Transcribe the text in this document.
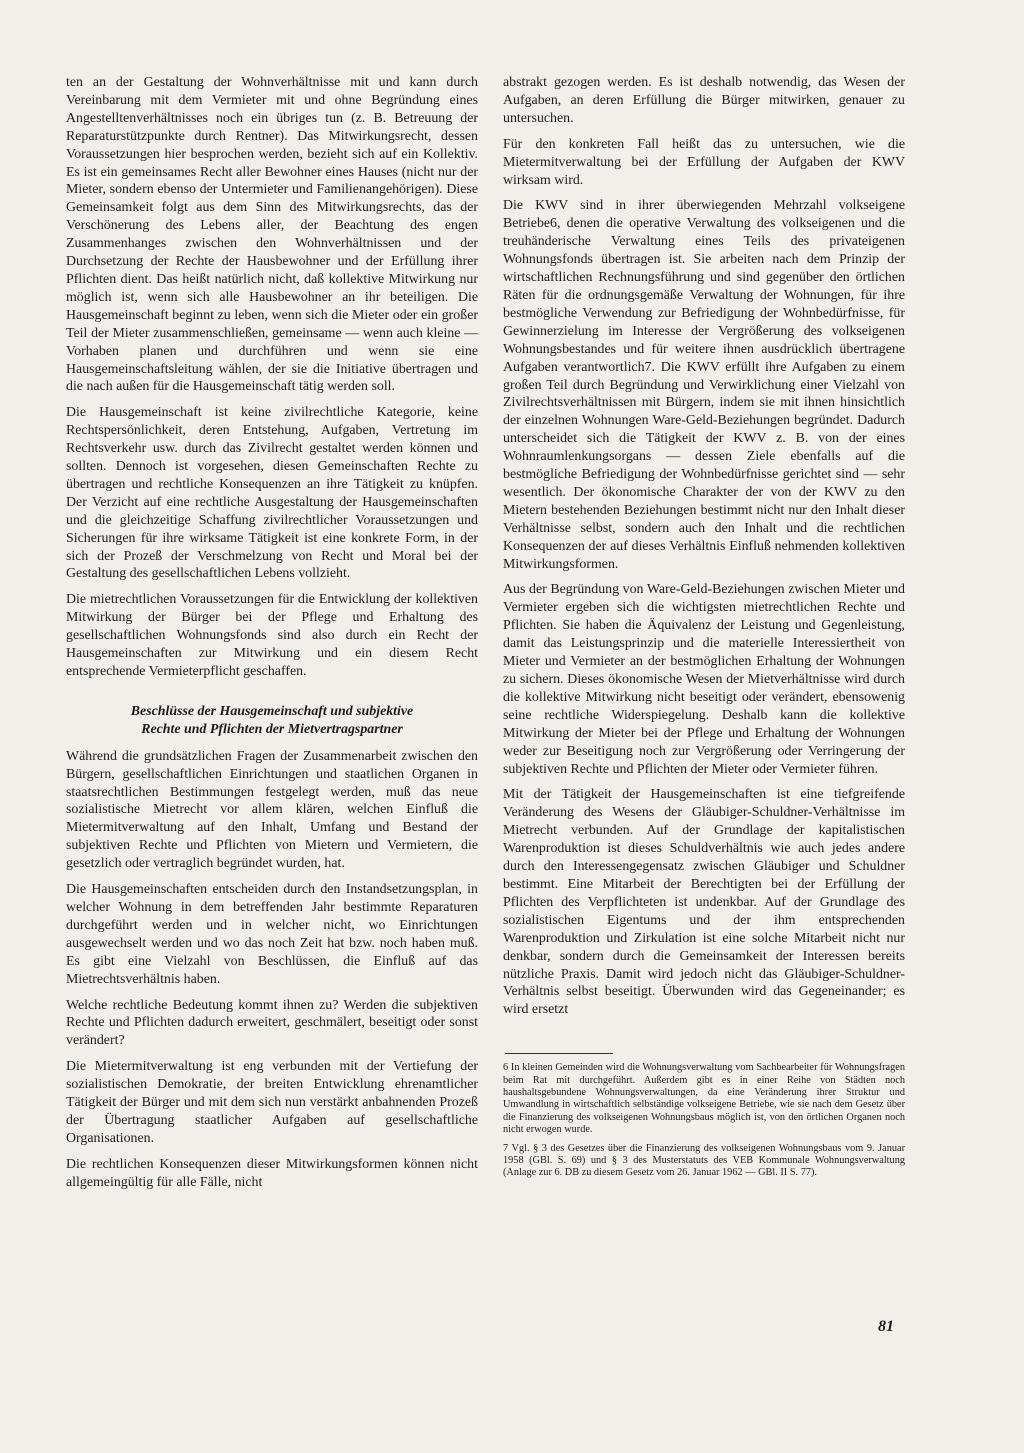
ten an der Gestaltung der Wohnverhältnisse mit und kann durch Vereinbarung mit dem Vermieter mit und ohne Begründung eines Angestelltenverhältnisses noch ein übriges tun (z. B. Betreuung der Reparaturstützpunkte durch Rentner). Das Mitwirkungsrecht, dessen Voraussetzungen hier besprochen werden, bezieht sich auf ein Kollektiv. Es ist ein gemeinsames Recht aller Bewohner eines Hauses (nicht nur der Mieter, sondern ebenso der Untermieter und Familienangehörigen). Diese Gemeinsamkeit folgt aus dem Sinn des Mitwirkungsrechts, das der Verschönerung des Lebens aller, der Beachtung des engen Zusammenhanges zwischen den Wohnverhältnissen und der Durchsetzung der Rechte der Hausbewohner und der Erfüllung ihrer Pflichten dient. Das heißt natürlich nicht, daß kollektive Mitwirkung nur möglich ist, wenn sich alle Hausbewohner an ihr beteiligen. Die Hausgemeinschaft beginnt zu leben, wenn sich die Mieter oder ein großer Teil der Mieter zusammenschließen, gemeinsame — wenn auch kleine — Vorhaben planen und durchführen und wenn sie eine Hausgemeinschaftsleitung wählen, der sie die Initiative übertragen und die nach außen für die Hausgemeinschaft tätig werden soll.

Die Hausgemeinschaft ist keine zivilrechtliche Kategorie, keine Rechtspersönlichkeit, deren Entstehung, Aufgaben, Vertretung im Rechtsverkehr usw. durch das Zivilrecht gestaltet werden können und sollten. Dennoch ist vorgesehen, diesen Gemeinschaften Rechte zu übertragen und rechtliche Konsequenzen an ihre Tätigkeit zu knüpfen. Der Verzicht auf eine rechtliche Ausgestaltung der Hausgemeinschaften und die gleichzeitige Schaffung zivilrechtlicher Voraussetzungen und Sicherungen für ihre wirksame Tätigkeit ist eine konkrete Form, in der sich der Prozeß der Verschmelzung von Recht und Moral bei der Gestaltung des gesellschaftlichen Lebens vollzieht.

Die mietrechtlichen Voraussetzungen für die Entwicklung der kollektiven Mitwirkung der Bürger bei der Pflege und Erhaltung des gesellschaftlichen Wohnungsfonds sind also durch ein Recht der Hausgemeinschaften zur Mitwirkung und ein diesem Recht entsprechende Vermieterpflicht geschaffen.

Beschlüsse der Hausgemeinschaft und subjektive
Rechte und Pflichten der Mietvertragspartner

Während die grundsätzlichen Fragen der Zusammenarbeit zwischen den Bürgern, gesellschaftlichen Einrichtungen und staatlichen Organen in staatsrechtlichen Bestimmungen festgelegt werden, muß das neue sozialistische Mietrecht vor allem klären, welchen Einfluß die Mietermitverwaltung auf den Inhalt, Umfang und Bestand der subjektiven Rechte und Pflichten von Mietern und Vermietern, die gesetzlich oder vertraglich begründet wurden, hat.

Die Hausgemeinschaften entscheiden durch den Instandsetzungsplan, in welcher Wohnung in dem betreffenden Jahr bestimmte Reparaturen durchgeführt werden und in welcher nicht, wo Einrichtungen ausgewechselt werden und wo das noch Zeit hat bzw. noch haben muß. Es gibt eine Vielzahl von Beschlüssen, die Einfluß auf das Mietrechtsverhältnis haben.

Welche rechtliche Bedeutung kommt ihnen zu? Werden die subjektiven Rechte und Pflichten dadurch erweitert, geschmälert, beseitigt oder sonst verändert?

Die Mietermitverwaltung ist eng verbunden mit der Vertiefung der sozialistischen Demokratie, der breiten Entwicklung ehrenamtlicher Tätigkeit der Bürger und mit dem sich nun verstärkt anbahnenden Prozeß der Übertragung staatlicher Aufgaben auf gesellschaftliche Organisationen.

Die rechtlichen Konsequenzen dieser Mitwirkungsformen können nicht allgemeingültig für alle Fälle, nicht

abstrakt gezogen werden. Es ist deshalb notwendig, das Wesen der Aufgaben, an deren Erfüllung die Bürger mitwirken, genauer zu untersuchen.

Für den konkreten Fall heißt das zu untersuchen, wie die Mietermitverwaltung bei der Erfüllung der Aufgaben der KWV wirksam wird.

Die KWV sind in ihrer überwiegenden Mehrzahl volkseigene Betriebe6, denen die operative Verwaltung des volkseigenen und die treuhänderische Verwaltung eines Teils des privateigenen Wohnungsfonds übertragen ist. Sie arbeiten nach dem Prinzip der wirtschaftlichen Rechnungsführung und sind gegenüber den örtlichen Räten für die ordnungsgemäße Verwaltung der Wohnungen, für ihre bestmögliche Verwendung zur Befriedigung der Wohnbedürfnisse, für Gewinnerzielung im Interesse der Vergrößerung des volkseigenen Wohnungsbestandes und für weitere ihnen ausdrücklich übertragene Aufgaben verantwortlich7. Die KWV erfüllt ihre Aufgaben zu einem großen Teil durch Begründung und Verwirklichung einer Vielzahl von Zivilrechtsverhältnissen mit Bürgern, indem sie mit ihnen hinsichtlich der einzelnen Wohnungen Ware-Geld-Beziehungen begründet. Dadurch unterscheidet sich die Tätigkeit der KWV z. B. von der eines Wohnraumlenkungsorgans — dessen Ziele ebenfalls auf die bestmögliche Befriedigung der Wohnbedürfnisse gerichtet sind — sehr wesentlich. Der ökonomische Charakter der von der KWV zu den Mietern bestehenden Beziehungen bestimmt nicht nur den Inhalt dieser Verhältnisse selbst, sondern auch den Inhalt und die rechtlichen Konsequenzen der auf dieses Verhältnis Einfluß nehmenden kollektiven Mitwirkungsformen.

Aus der Begründung von Ware-Geld-Beziehungen zwischen Mieter und Vermieter ergeben sich die wichtigsten mietrechtlichen Rechte und Pflichten. Sie haben die Äquivalenz der Leistung und Gegenleistung, damit das Leistungsprinzip und die materielle Interessiertheit von Mieter und Vermieter an der bestmöglichen Erhaltung der Wohnungen zu sichern. Dieses ökonomische Wesen der Mietverhältnisse wird durch die kollektive Mitwirkung nicht beseitigt oder verändert, ebensowenig seine rechtliche Widerspiegelung. Deshalb kann die kollektive Mitwirkung der Mieter bei der Pflege und Erhaltung der Wohnungen weder zur Beseitigung noch zur Vergrößerung oder Verringerung der subjektiven Rechte und Pflichten der Mieter oder Vermieter führen.

Mit der Tätigkeit der Hausgemeinschaften ist eine tiefgreifende Veränderung des Wesens der Gläubiger-Schuldner-Verhältnisse im Mietrecht verbunden. Auf der Grundlage der kapitalistischen Warenproduktion ist dieses Schuldverhältnis wie auch jedes andere durch den Interessengegensatz zwischen Gläubiger und Schuldner bestimmt. Eine Mitarbeit der Berechtigten bei der Erfüllung der Pflichten des Verpflichteten ist undenkbar. Auf der Grundlage des sozialistischen Eigentums und der ihm entsprechenden Warenproduktion und Zirkulation ist eine solche Mitarbeit nicht nur denkbar, sondern durch die Gemeinsamkeit der Interessen bereits nützliche Praxis. Damit wird jedoch nicht das Gläubiger-Schuldner-Verhältnis selbst beseitigt. Überwunden wird das Gegeneinander; es wird ersetzt

6 In kleinen Gemeinden wird die Wohnungsverwaltung vom Sachbearbeiter für Wohnungsfragen beim Rat mit durchgeführt. Außerdem gibt es in einer Reihe von Städten noch haushaltsgebundene Wohnungsverwaltungen, da eine Veränderung ihrer Struktur und Umwandlung in wirtschaftlich selbständige volkseigene Betriebe, wie sie nach dem Gesetz über die Finanzierung des volkseigenen Wohnungsbaus möglich ist, von den örtlichen Organen noch nicht erwogen wurde.

7 Vgl. § 3 des Gesetzes über die Finanzierung des volkseigenen Wohnungsbaus vom 9. Januar 1958 (GBl. S. 69) und § 3 des Musterstatuts des VEB Kommunale Wohnungsverwaltung (Anlage zur 6. DB zu diesem Gesetz vom 26. Januar 1962 — GBl. II S. 77).

81
